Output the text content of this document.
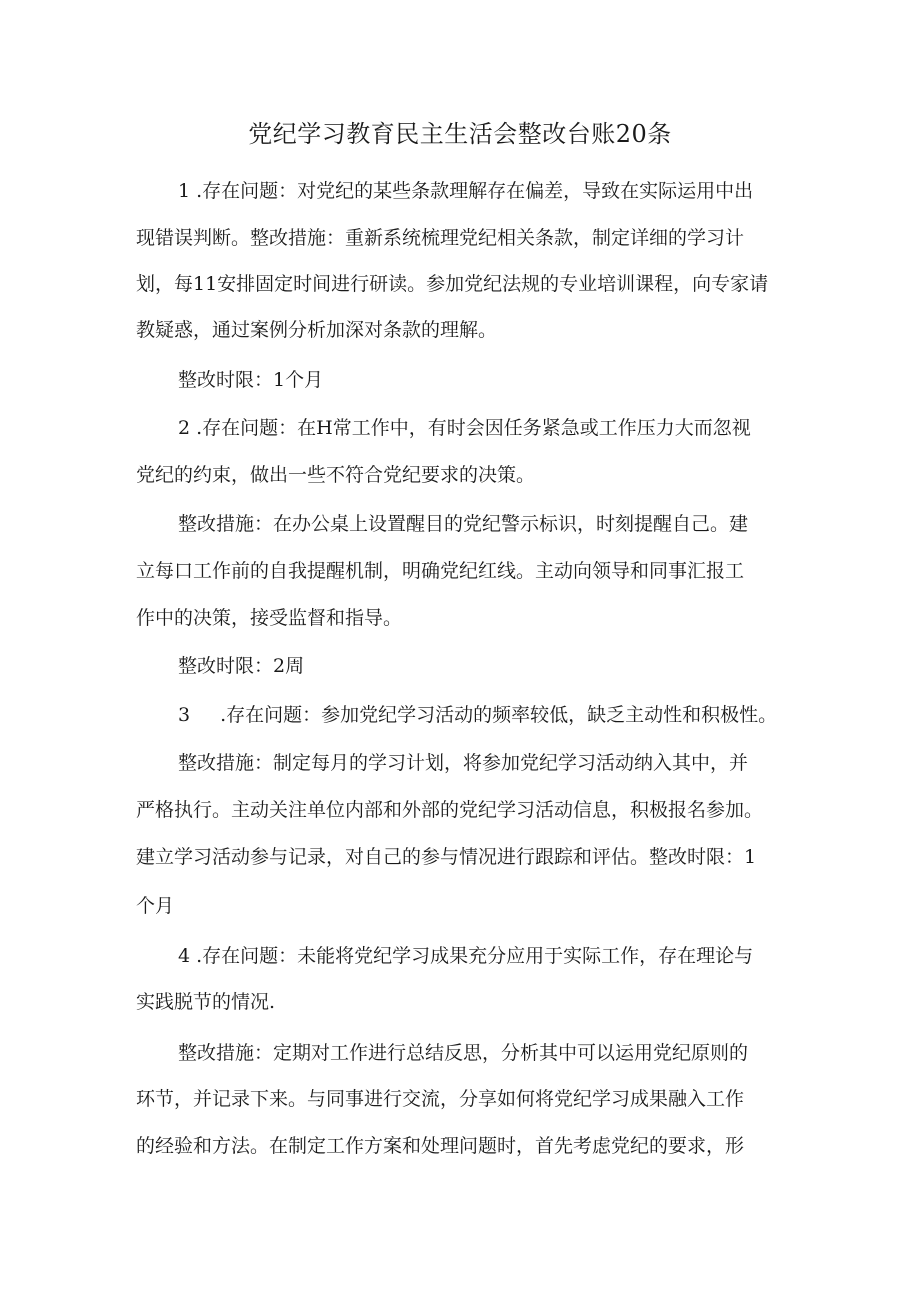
党纪学习教育民主生活会整改台账20条

1 .存在问题：对党纪的某些条款理解存在偏差，导致在实际运用中出

现错误判断。整改措施：重新系统梳理党纪相关条款，制定详细的学习计

划，每11安排固定时间进行研读。参加党纪法规的专业培训课程，向专家请

教疑惑，通过案例分析加深对条款的理解。

整改时限：1个月

2 .存在问题：在H常工作中，有时会因任务紧急或工作压力大而忽视

党纪的约束，做出一些不符合党纪要求的决策。

整改措施：在办公桌上设置醒目的党纪警示标识，时刻提醒自己。建

立每口工作前的自我提醒机制，明确党纪红线。主动向领导和同事汇报工

作中的决策，接受监督和指导。

整改时限：2周

3 .存在问题：参加党纪学习活动的频率较低，缺乏主动性和积极性。

整改措施：制定每月的学习计划，将参加党纪学习活动纳入其中，并

严格执行。主动关注单位内部和外部的党纪学习活动信息，积极报名参加。

建立学习活动参与记录，对自己的参与情况进行跟踪和评估。整改时限：1

个月

4 .存在问题：未能将党纪学习成果充分应用于实际工作，存在理论与

实践脱节的情况.

整改措施：定期对工作进行总结反思，分析其中可以运用党纪原则的

环节，并记录下来。与同事进行交流，分享如何将党纪学习成果融入工作

的经验和方法。在制定工作方案和处理问题时，首先考虑党纪的要求，形
